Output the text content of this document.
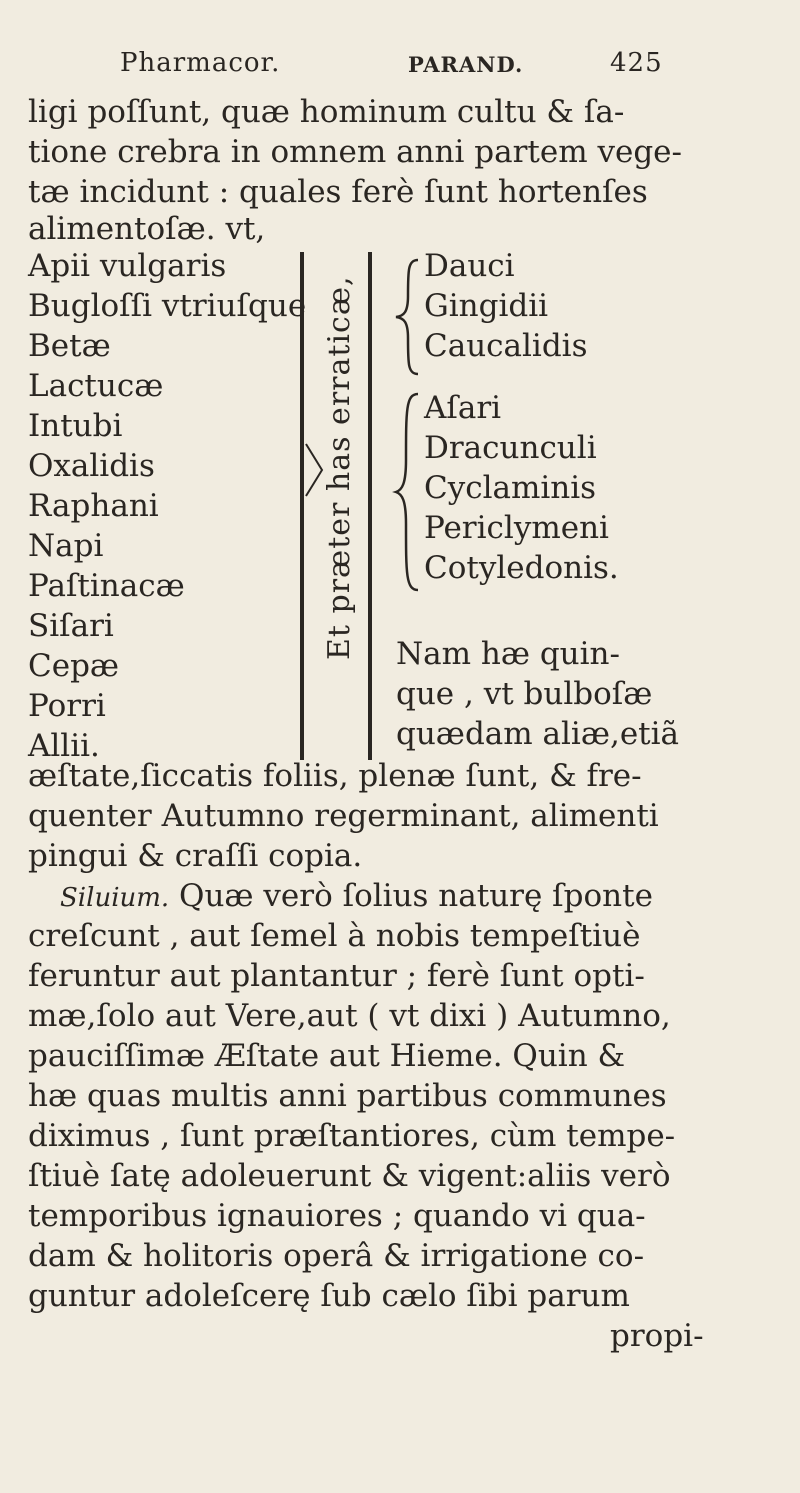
Pharmacor.	PARAND.	425
ligi poſſunt, quæ hominum cultu & ſa-
tione crebra in omnem anni partem vege-
tæ incidunt : quales ferè ſunt hortenſes
alimentoſæ. vt,
Apii vulgaris
Bugloſſi vtriuſque
Betæ
Lactucæ
Intubi
Oxalidis
Raphani
Napi
Paſtinacæ
Siſari
Cepæ
Porri
Allii.
Et præter has erraticæ,
Dauci
Gingidii
Caucalidis
Aſari
Dracunculi
Cyclaminis
Periclymeni
Cotyledonis.
Nam hæ quin-
que , vt bulboſæ
quædam aliæ,etiã
æſtate,ſiccatis foliis, plenæ ſunt, & fre-
quenter Autumno regerminant, alimenti
pingui & craſſi copia.
Siluium. Quæ verò ſolius naturę ſponte
creſcunt , aut ſemel à nobis tempeſtiuè
feruntur aut plantantur ; ferè ſunt opti-
mæ,ſolo aut Vere,aut ( vt dixi ) Autumno,
pauciſſimæ Æſtate aut Hieme. Quin &
hæ quas multis anni partibus communes
diximus , ſunt præſtantiores, cùm tempe-
ſtiuè ſatę adoleuerunt & vigent:aliis verò
temporibus ignauiores ; quando vi qua-
dam & holitoris operâ & irrigatione co-
guntur adoleſcerę ſub cælo ſibi parum
propi-
